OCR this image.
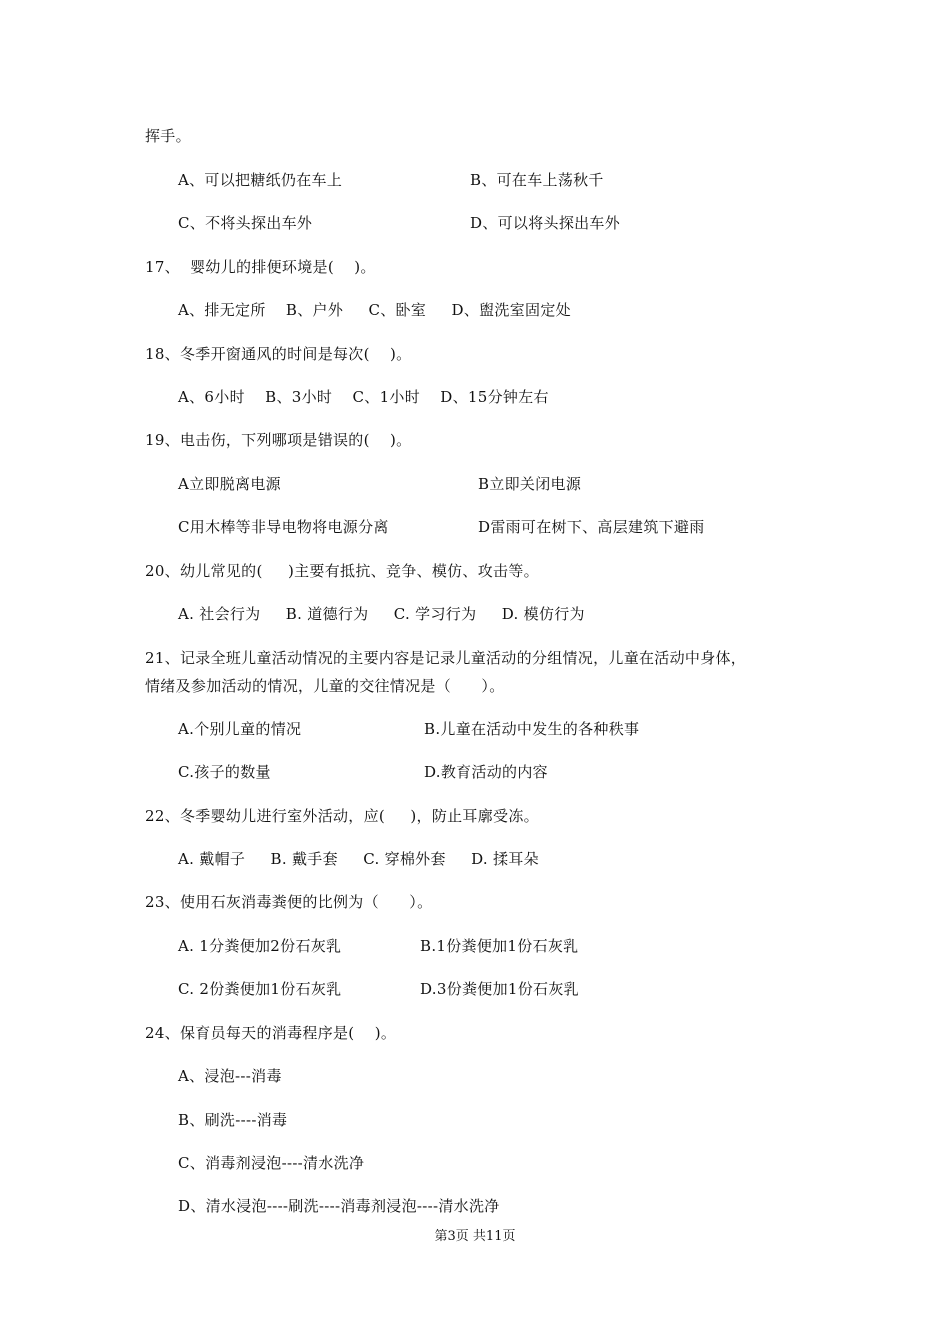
挥手。
A、可以把糖纸仍在车上	B、可在车上荡秋千
C、不将头探出车外	D、可以将头探出车外
17、  婴幼儿的排便环境是(    )。
A、排无定所    B、户外     C、卧室     D、盥洗室固定处
18、冬季开窗通风的时间是每次(    )。
A、6小时    B、3小时    C、1小时    D、15分钟左右
19、电击伤，下列哪项是错误的(    )。
A立即脱离电源	B立即关闭电源
C用木棒等非导电物将电源分离	D雷雨可在树下、高层建筑下避雨
20、幼儿常见的(     )主要有抵抗、竞争、模仿、攻击等。
A. 社会行为     B. 道德行为     C. 学习行为     D. 模仿行为
21、记录全班儿童活动情况的主要内容是记录儿童活动的分组情况，儿童在活动中身体，
情绪及参加活动的情况，儿童的交往情况是（      ）。
A.个别儿童的情况	B.儿童在活动中发生的各种秩事
C.孩子的数量	D.教育活动的内容
22、冬季婴幼儿进行室外活动，应(     )，防止耳廓受冻。
A. 戴帽子     B. 戴手套     C. 穿棉外套     D. 揉耳朵
23、使用石灰消毒粪便的比例为（      ）。
A. 1分粪便加2份石灰乳	B.1份粪便加1份石灰乳
C. 2份粪便加1份石灰乳	D.3份粪便加1份石灰乳
24、保育员每天的消毒程序是(    )。
A、浸泡---消毒
B、刷洗----消毒
C、消毒剂浸泡----清水洗净
D、清水浸泡----刷洗----消毒剂浸泡----清水洗净
第3页 共11页
